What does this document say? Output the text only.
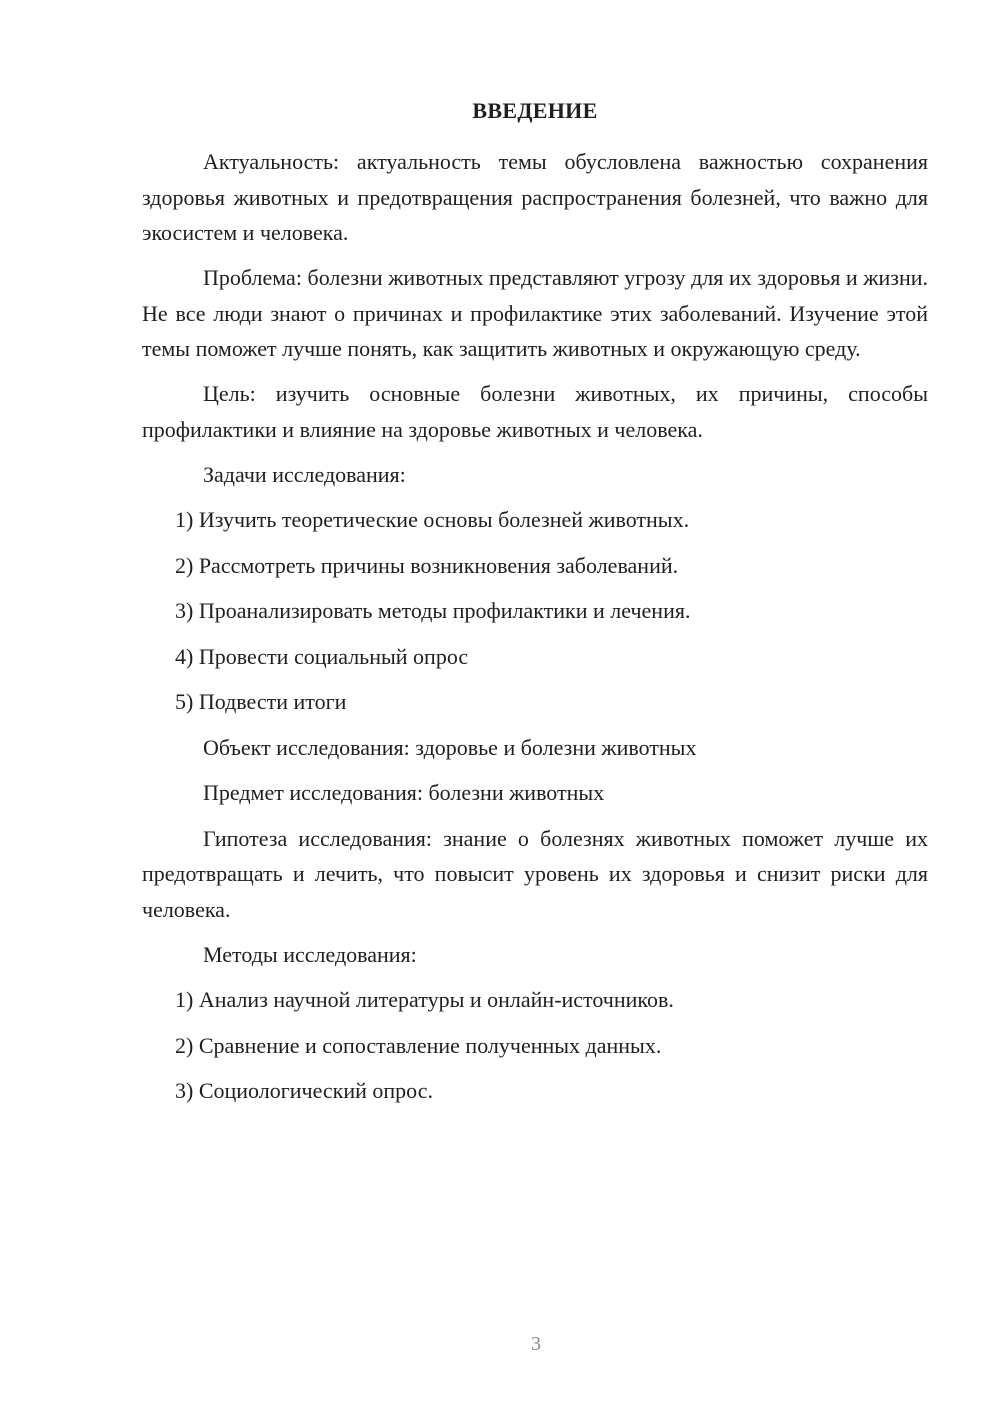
ВВЕДЕНИЕ

Актуальность: актуальность темы обусловлена важностью сохранения здоровья животных и предотвращения распространения болезней, что важно для экосистем и человека.

Проблема: болезни животных представляют угрозу для их здоровья и жизни. Не все люди знают о причинах и профилактике этих заболеваний. Изучение этой темы поможет лучше понять, как защитить животных и окружающую среду.

Цель: изучить основные болезни животных, их причины, способы профилактики и влияние на здоровье животных и человека.

Задачи исследования:

1) Изучить теоретические основы болезней животных.

2) Рассмотреть причины возникновения заболеваний.

3) Проанализировать методы профилактики и лечения.

4) Провести социальный опрос

5) Подвести итоги

Объект исследования: здоровье и болезни животных

Предмет исследования: болезни животных

Гипотеза исследования: знание о болезнях животных поможет лучше их предотвращать и лечить, что повысит уровень их здоровья и снизит риски для человека.

Методы исследования:

1) Анализ научной литературы и онлайн-источников.

2) Сравнение и сопоставление полученных данных.

3) Социологический опрос.

3
